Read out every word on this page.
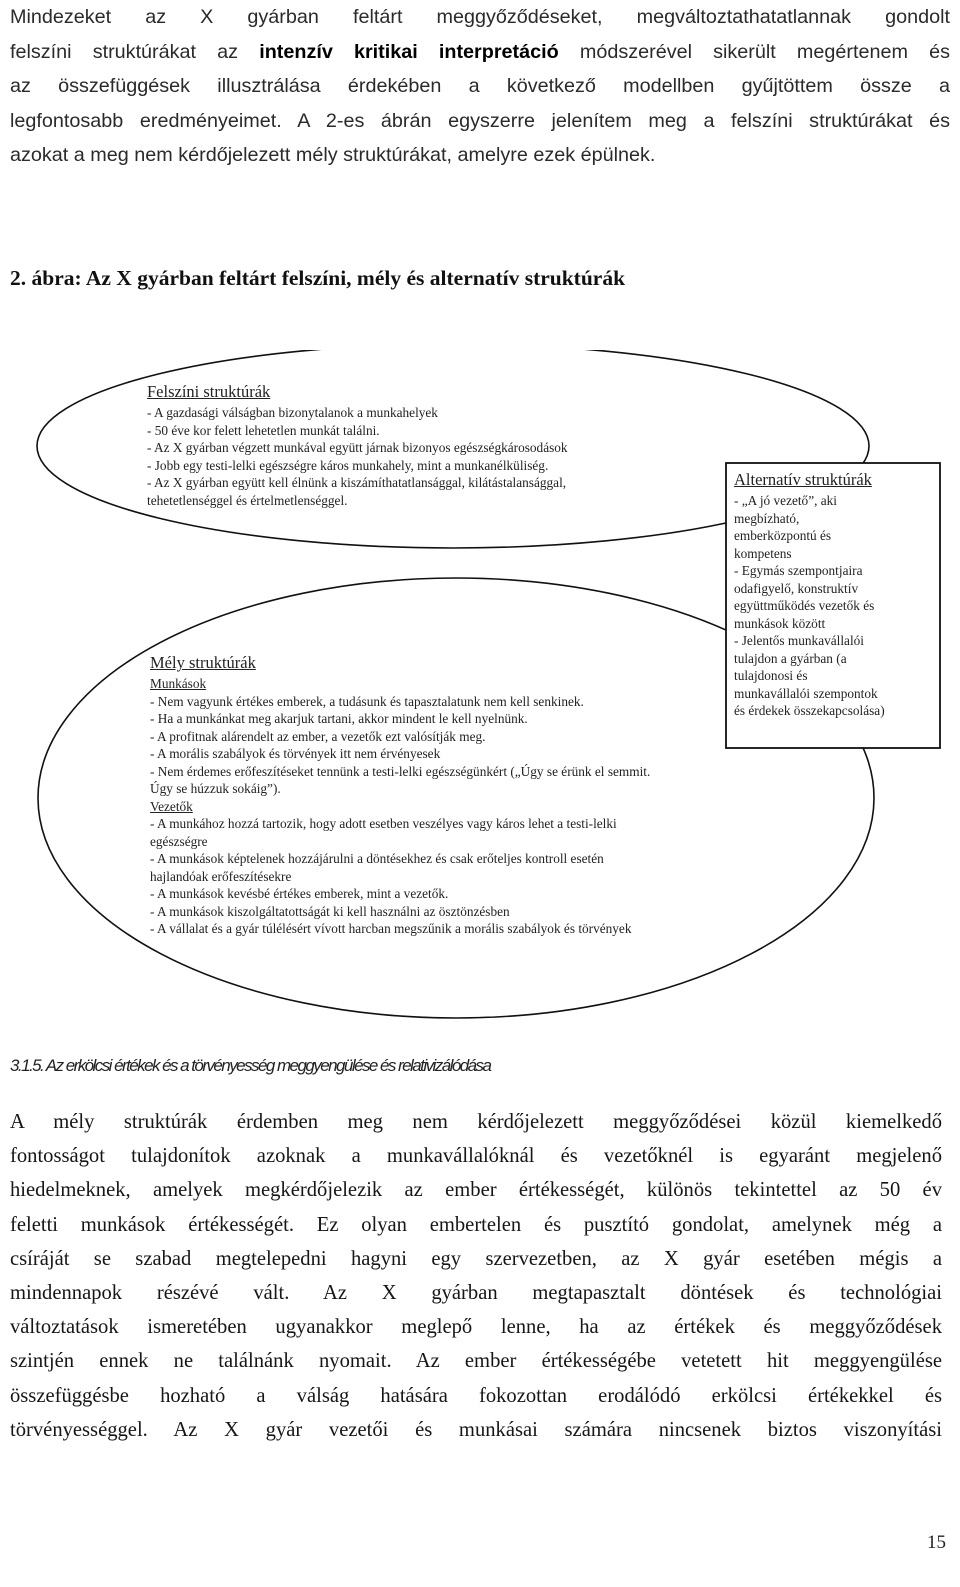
Mindezeket az X gyárban feltárt meggyőződéseket, megváltoztathatatlannak gondolt
felszíni struktúrákat az intenzív kritikai interpretáció módszerével sikerült megértenem és
az összefüggések illusztrálása érdekében a következő modellben gyűjtöttem össze a
legfontosabb eredményeimet. A 2-es ábrán egyszerre jelenítem meg a felszíni struktúrákat és
azokat a meg nem kérdőjelezett mély struktúrákat, amelyre ezek épülnek.

2. ábra: Az X gyárban feltárt felszíni, mély és alternatív struktúrák

Felszíni struktúrák
- A gazdasági válságban bizonytalanok a munkahelyek
- 50 éve kor felett lehetetlen munkát találni.
- Az X gyárban végzett munkával együtt járnak bizonyos egészségkárosodások
- Jobb egy testi-lelki egészségre káros munkahely, mint a munkanélküliség.
- Az X gyárban együtt kell élnünk a kiszámíthatatlansággal, kilátástalansággal,
tehetetlenséggel és értelmetlenséggel.
Mély struktúrák
Munkások
- Nem vagyunk értékes emberek, a tudásunk és tapasztalatunk nem kell senkinek.
- Ha a munkánkat meg akarjuk tartani, akkor mindent le kell nyelnünk.
- A profitnak alárendelt az ember, a vezetők ezt valósítják meg.
- A morális szabályok és törvények itt nem érvényesek
- Nem érdemes erőfeszítéseket tennünk a testi-lelki egészségünkért („Úgy se érünk el semmit.
Úgy se húzzuk sokáig”).
Vezetők
- A munkához hozzá tartozik, hogy adott esetben veszélyes vagy káros lehet a testi-lelki
egészségre
- A munkások képtelenek hozzájárulni a döntésekhez és csak erőteljes kontroll esetén
hajlandóak erőfeszítésekre
- A munkások kevésbé értékes emberek, mint a vezetők.
- A munkások kiszolgáltatottságát ki kell használni az ösztönzésben
- A vállalat és a gyár túlélésért vívott harcban megszűnik a morális szabályok és törvények
Alternatív struktúrák
- „A jó vezető”, aki
megbízható,
emberközpontú és
kompetens
- Egymás szempontjaira
odafigyelő, konstruktív
együttműködés vezetők és
munkások között
- Jelentős munkavállalói
tulajdon a gyárban (a
tulajdonosi és
munkavállalói szempontok
és érdekek összekapcsolása)

3.1.5. Az erkölcsi értékek és a törvényesség meggyengülése és relativizálódása

A mély struktúrák érdemben meg nem kérdőjelezett meggyőződései közül kiemelkedő
fontosságot tulajdonítok azoknak a munkavállalóknál és vezetőknél is egyaránt megjelenő
hiedelmeknek, amelyek megkérdőjelezik az ember értékességét, különös tekintettel az 50 év
feletti munkások értékességét. Ez olyan embertelen és pusztító gondolat, amelynek még a
csíráját se szabad megtelepedni hagyni egy szervezetben, az X gyár esetében mégis a
mindennapok részévé vált. Az X gyárban megtapasztalt döntések és technológiai
változtatások ismeretében ugyanakkor meglepő lenne, ha az értékek és meggyőződések
szintjén ennek ne találnánk nyomait. Az ember értékességébe vetetett hit meggyengülése
összefüggésbe hozható a válság hatására fokozottan erodálódó erkölcsi értékekkel és
törvényességgel. Az X gyár vezetői és munkásai számára nincsenek biztos viszonyítási

15
